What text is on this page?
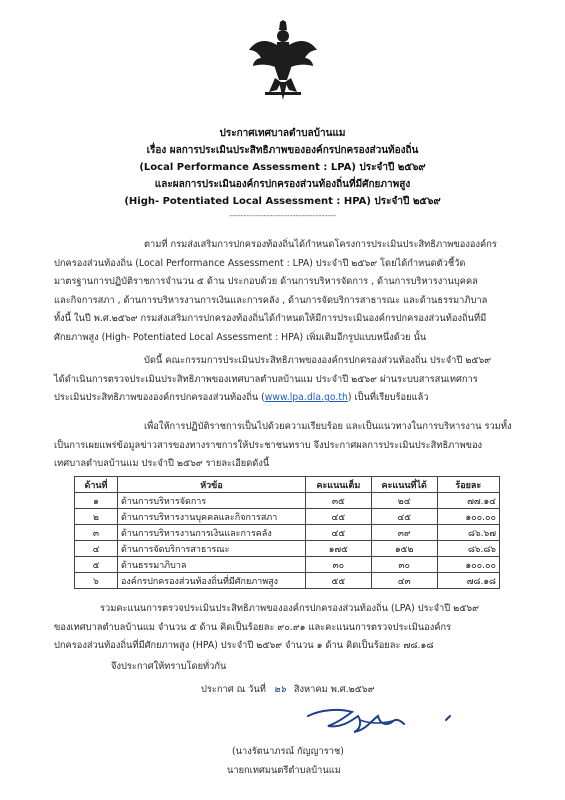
ประกาศเทศบาลตำบลบ้านแม
เรื่อง ผลการประเมินประสิทธิภาพขององค์กรปกครองส่วนท้องถิ่น
(Local Performance Assessment : LPA) ประจำปี ๒๕๖๙
และผลการประเมินองค์กรปกครองส่วนท้องถิ่นที่มีศักยภาพสูง
(High- Potentiated Local Assessment : HPA) ประจำปี ๒๕๖๙
-------------------------------------
ตามที่ กรมส่งเสริมการปกครองท้องถิ่นได้กำหนดโครงการประเมินประสิทธิภาพขององค์กร
ปกครองส่วนท้องถิ่น (Local Performance Assessment : LPA) ประจำปี ๒๕๖๙ โดยได้กำหนดตัวชี้วัด
มาตรฐานการปฏิบัติราชการจำนวน ๕ ด้าน ประกอบด้วย ด้านการบริหารจัดการ , ด้านการบริหารงานบุคคล
และกิจการสภา , ด้านการบริหารงานการเงินและการคลัง , ด้านการจัดบริการสาธารณะ และด้านธรรมาภิบาล
ทั้งนี้ ในปี พ.ศ.๒๕๖๙ กรมส่งเสริมการปกครองท้องถิ่นได้กำหนดให้มีการประเมินองค์กรปกครองส่วนท้องถิ่นที่มี
ศักยภาพสูง (High- Potentiated Local Assessment : HPA) เพิ่มเติมอีกรูปแบบหนึ่งด้วย นั้น
บัดนี้ คณะกรรมการประเมินประสิทธิภาพขององค์กรปกครองส่วนท้องถิ่น ประจำปี ๒๕๖๙
ได้ดำเนินการตรวจประเมินประสิทธิภาพของเทศบาลตำบลบ้านแม ประจำปี ๒๕๖๙ ผ่านระบบสารสนเทศการ
ประเมินประสิทธิภาพขององค์กรปกครองส่วนท้องถิ่น (www.lpa.dla.go.th) เป็นที่เรียบร้อยแล้ว
เพื่อให้การปฏิบัติราชการเป็นไปด้วยความเรียบร้อย และเป็นแนวทางในการบริหารงาน รวมทั้ง
เป็นการเผยแพร่ข้อมูลข่าวสารของทางราชการให้ประชาชนทราบ จึงประกาศผลการประเมินประสิทธิภาพของ
เทศบาลตำบลบ้านแม ประจำปี ๒๕๖๙ รายละเอียดดังนี้
ด้านที่	หัวข้อ	คะแนนเต็ม	คะแนนที่ได้	ร้อยละ
๑	ด้านการบริหารจัดการ	๓๕	๒๔	๗๗.๑๔
๒	ด้านการบริหารงานบุคคลและกิจการสภา	๔๕	๔๕	๑๐๐.๐๐
๓	ด้านการบริหารงานการเงินและการคลัง	๔๕	๓๙	๘๖.๖๗
๔	ด้านการจัดบริการสาธารณะ	๑๗๕	๑๕๒	๘๖.๘๖
๕	ด้านธรรมาภิบาล	๓๐	๓๐	๑๐๐.๐๐
๖	องค์กรปกครองส่วนท้องถิ่นที่มีศักยภาพสูง	๕๕	๔๓	๗๘.๑๘
รวมคะแนนการตรวจประเมินประสิทธิภาพขององค์กรปกครองส่วนท้องถิ่น (LPA) ประจำปี ๒๕๖๙
ของเทศบาลตำบลบ้านแม จำนวน ๕ ด้าน คิดเป็นร้อยละ ๙๐.๙๑ และคะแนนการตรวจประเมินองค์กร
ปกครองส่วนท้องถิ่นที่มีศักยภาพสูง (HPA) ประจำปี ๒๕๖๙ จำนวน ๑ ด้าน คิดเป็นร้อยละ ๗๘.๑๘
จึงประกาศให้ทราบโดยทั่วกัน
ประกาศ ณ วันที่ ๒๖ สิงหาคม พ.ศ.๒๕๖๙
(นางรัตนาภรณ์ กัญญาราช)
นายกเทศมนตรีตำบลบ้านแม
